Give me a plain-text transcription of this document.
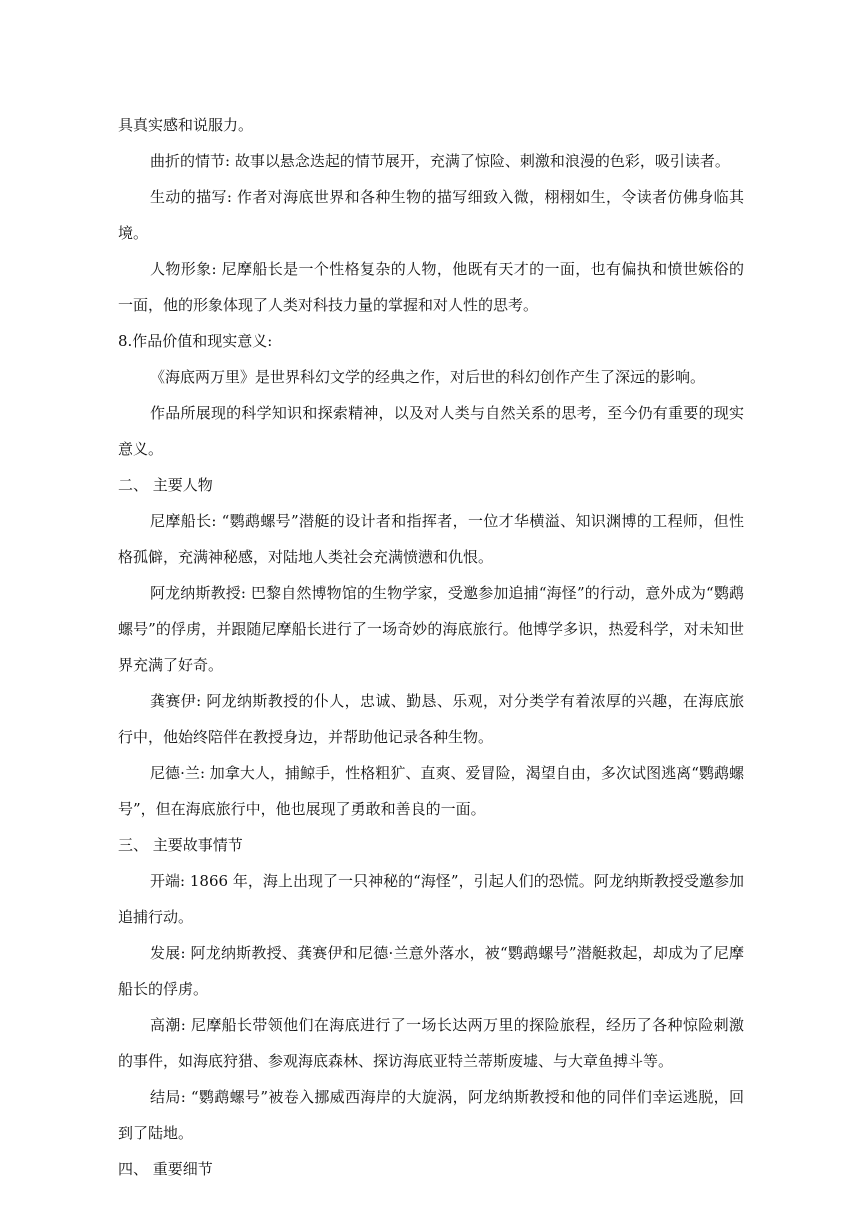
具真实感和说服力。

曲折的情节: 故事以悬念迭起的情节展开，充满了惊险、刺激和浪漫的色彩，吸引读者。

生动的描写: 作者对海底世界和各种生物的描写细致入微，栩栩如生，令读者仿佛身临其境。

人物形象: 尼摩船长是一个性格复杂的人物，他既有天才的一面，也有偏执和愤世嫉俗的一面，他的形象体现了人类对科技力量的掌握和对人性的思考。

8.作品价值和现实意义:

《海底两万里》是世界科幻文学的经典之作，对后世的科幻创作产生了深远的影响。

作品所展现的科学知识和探索精神，以及对人类与自然关系的思考，至今仍有重要的现实意义。

二、 主要人物

尼摩船长: “鹦鹉螺号”潜艇的设计者和指挥者，一位才华横溢、知识渊博的工程师，但性格孤僻，充满神秘感，对陆地人类社会充满愤懑和仇恨。

阿龙纳斯教授: 巴黎自然博物馆的生物学家，受邀参加追捕“海怪”的行动，意外成为“鹦鹉螺号”的俘虏，并跟随尼摩船长进行了一场奇妙的海底旅行。他博学多识，热爱科学，对未知世界充满了好奇。

龚赛伊: 阿龙纳斯教授的仆人，忠诚、勤恳、乐观，对分类学有着浓厚的兴趣，在海底旅行中，他始终陪伴在教授身边，并帮助他记录各种生物。

尼德·兰: 加拿大人，捕鲸手，性格粗犷、直爽、爱冒险，渴望自由，多次试图逃离“鹦鹉螺号”，但在海底旅行中，他也展现了勇敢和善良的一面。

三、 主要故事情节

开端: 1866 年，海上出现了一只神秘的“海怪”，引起人们的恐慌。阿龙纳斯教授受邀参加追捕行动。

发展: 阿龙纳斯教授、龚赛伊和尼德·兰意外落水，被“鹦鹉螺号”潜艇救起，却成为了尼摩船长的俘虏。

高潮: 尼摩船长带领他们在海底进行了一场长达两万里的探险旅程，经历了各种惊险刺激的事件，如海底狩猎、参观海底森林、探访海底亚特兰蒂斯废墟、与大章鱼搏斗等。

结局: “鹦鹉螺号”被卷入挪威西海岸的大旋涡，阿龙纳斯教授和他的同伴们幸运逃脱，回到了陆地。

四、 重要细节
